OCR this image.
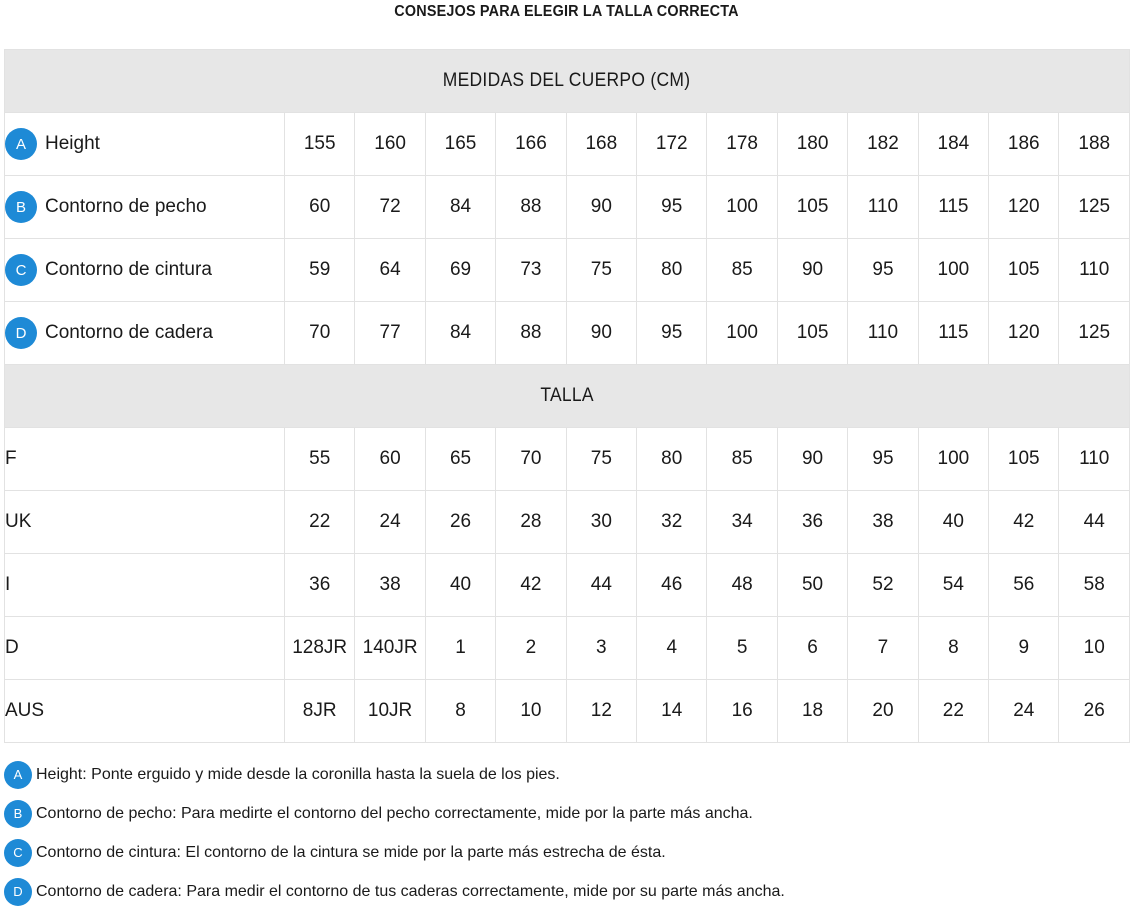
CONSEJOS PARA ELEGIR LA TALLA CORRECTA
MEDIDAS DEL CUERPO (CM)												
A Height	155	160	165	166	168	172	178	180	182	184	186	188
B Contorno de pecho	60	72	84	88	90	95	100	105	110	115	120	125
C Contorno de cintura	59	64	69	73	75	80	85	90	95	100	105	110
D Contorno de cadera	70	77	84	88	90	95	100	105	110	115	120	125
TALLA												
F	55	60	65	70	75	80	85	90	95	100	105	110
UK	22	24	26	28	30	32	34	36	38	40	42	44
I	36	38	40	42	44	46	48	50	52	54	56	58
D	128JR	140JR	1	2	3	4	5	6	7	8	9	10
AUS	8JR	10JR	8	10	12	14	16	18	20	22	24	26
A Height: Ponte erguido y mide desde la coronilla hasta la suela de los pies.
B Contorno de pecho: Para medirte el contorno del pecho correctamente, mide por la parte más ancha.
C Contorno de cintura: El contorno de la cintura se mide por la parte más estrecha de ésta.
D Contorno de cadera: Para medir el contorno de tus caderas correctamente, mide por su parte más ancha.
